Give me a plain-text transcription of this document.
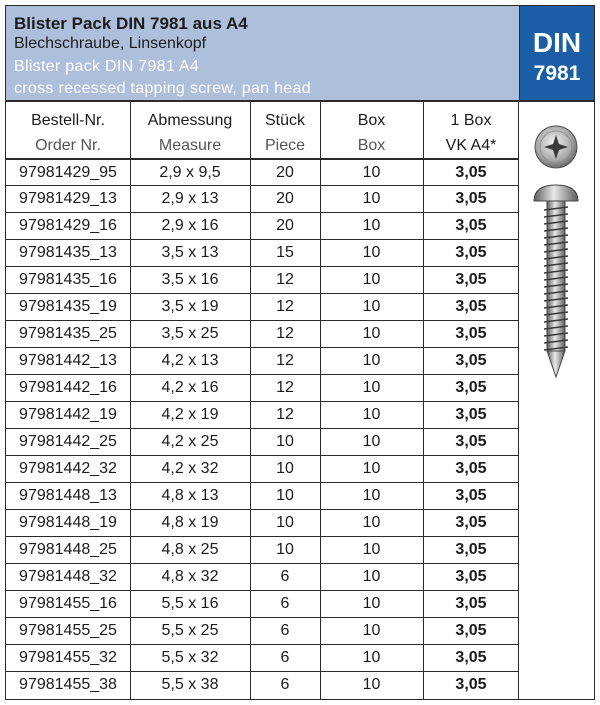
Blister Pack DIN 7981 aus A4
Blechschraube, Linsenkopf
Blister pack DIN 7981 A4
cross recessed tapping screw, pan head
DIN
7981
Bestell-Nr.	Abmessung	Stück	Box	1 Box
Order Nr.	Measure	Piece	Box	VK A4*
97981429_95	2,9 x 9,5	20	10	3,05
97981429_13	2,9 x 13	20	10	3,05
97981429_16	2,9 x 16	20	10	3,05
97981435_13	3,5 x 13	15	10	3,05
97981435_16	3,5 x 16	12	10	3,05
97981435_19	3,5 x 19	12	10	3,05
97981435_25	3,5 x 25	12	10	3,05
97981442_13	4,2 x 13	12	10	3,05
97981442_16	4,2 x 16	12	10	3,05
97981442_19	4,2 x 19	12	10	3,05
97981442_25	4,2 x 25	10	10	3,05
97981442_32	4,2 x 32	10	10	3,05
97981448_13	4,8 x 13	10	10	3,05
97981448_19	4,8 x 19	10	10	3,05
97981448_25	4,8 x 25	10	10	3,05
97981448_32	4,8 x 32	6	10	3,05
97981455_16	5,5 x 16	6	10	3,05
97981455_25	5,5 x 25	6	10	3,05
97981455_32	5,5 x 32	6	10	3,05
97981455_38	5,5 x 38	6	10	3,05
